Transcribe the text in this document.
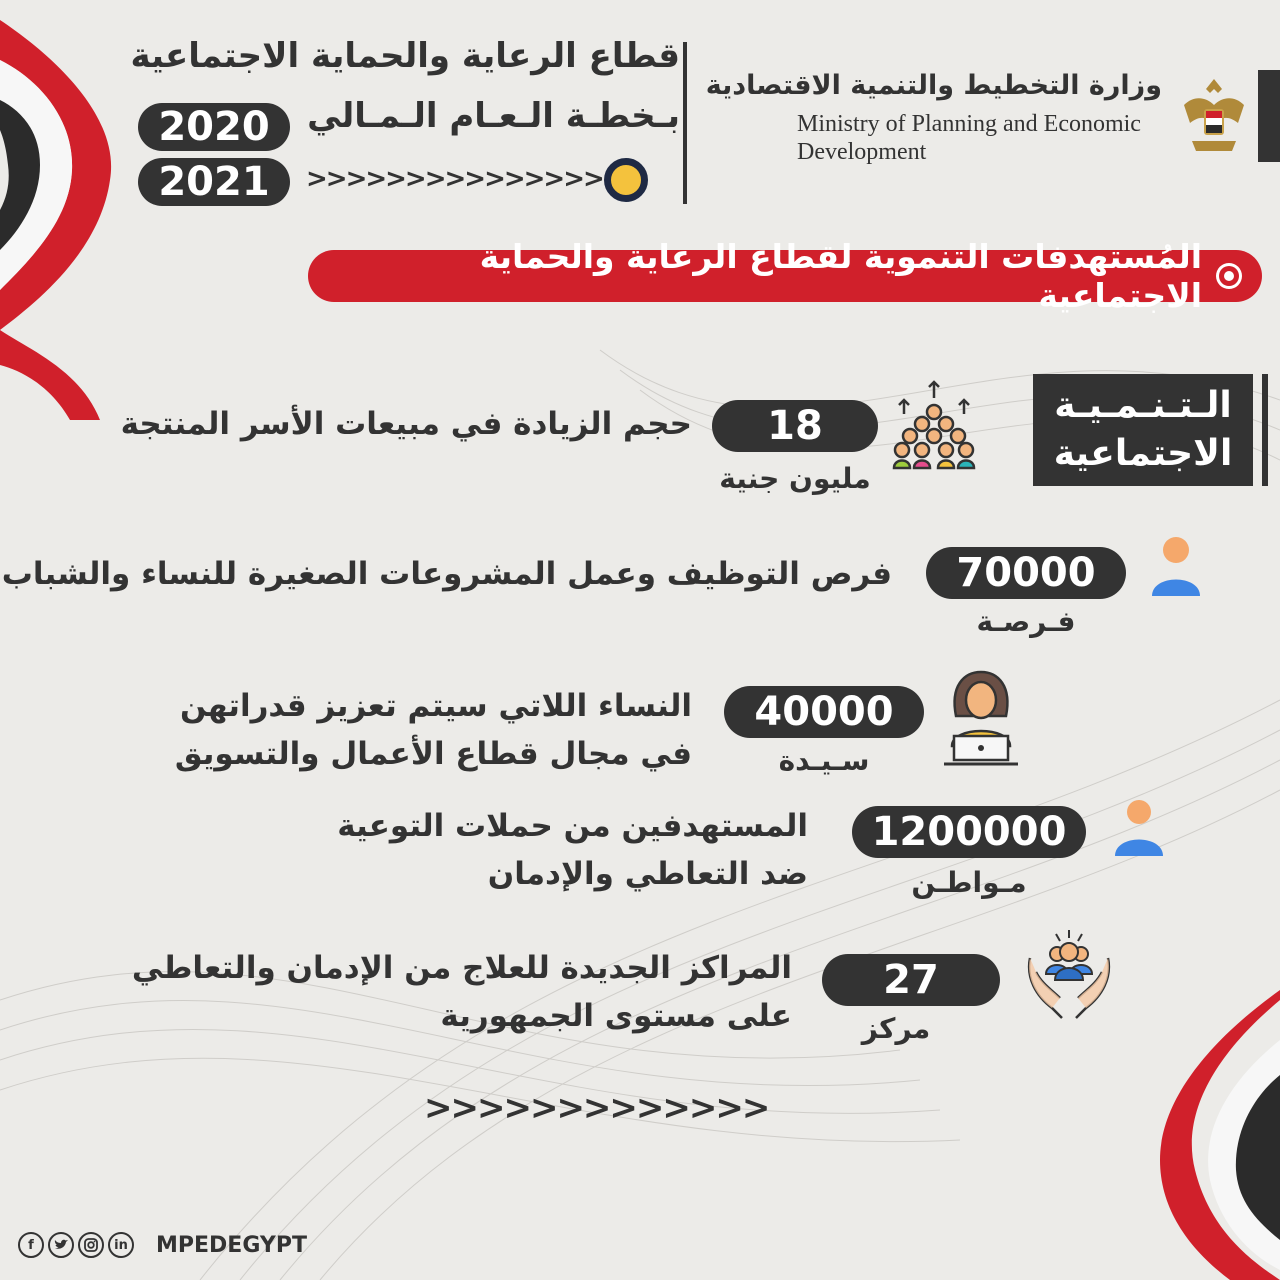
قطاع الرعاية والحماية الاجتماعية
بـخطـة الـعـام الـمـالي
2020
2021	>>>>>>>>>>>>>>>
وزارة التخطيط والتنمية الاقتصادية
Ministry of Planning and Economic
Development
المُستهدفات التنموية لقطاع الرعاية والحماية الاجتماعية
الـتـنـمـيـة
الاجتماعية
18
مليون جنية
حجم الزيادة في مبيعات الأسر المنتجة
70000
فـرصـة
فرص التوظيف وعمل المشروعات الصغيرة للنساء والشباب
40000
سـيـدة
النساء اللاتي سيتم تعزيز قدراتهن
في مجال قطاع الأعمال والتسويق
1200000
مـواطـن
المستهدفين من حملات التوعية
ضد التعاطي والإدمان
27
مركز
المراكز الجديدة للعلاج من الإدمان والتعاطي
على مستوى الجمهورية
>>>>>>>>>>>>>
f	in MPEDEGYPT
